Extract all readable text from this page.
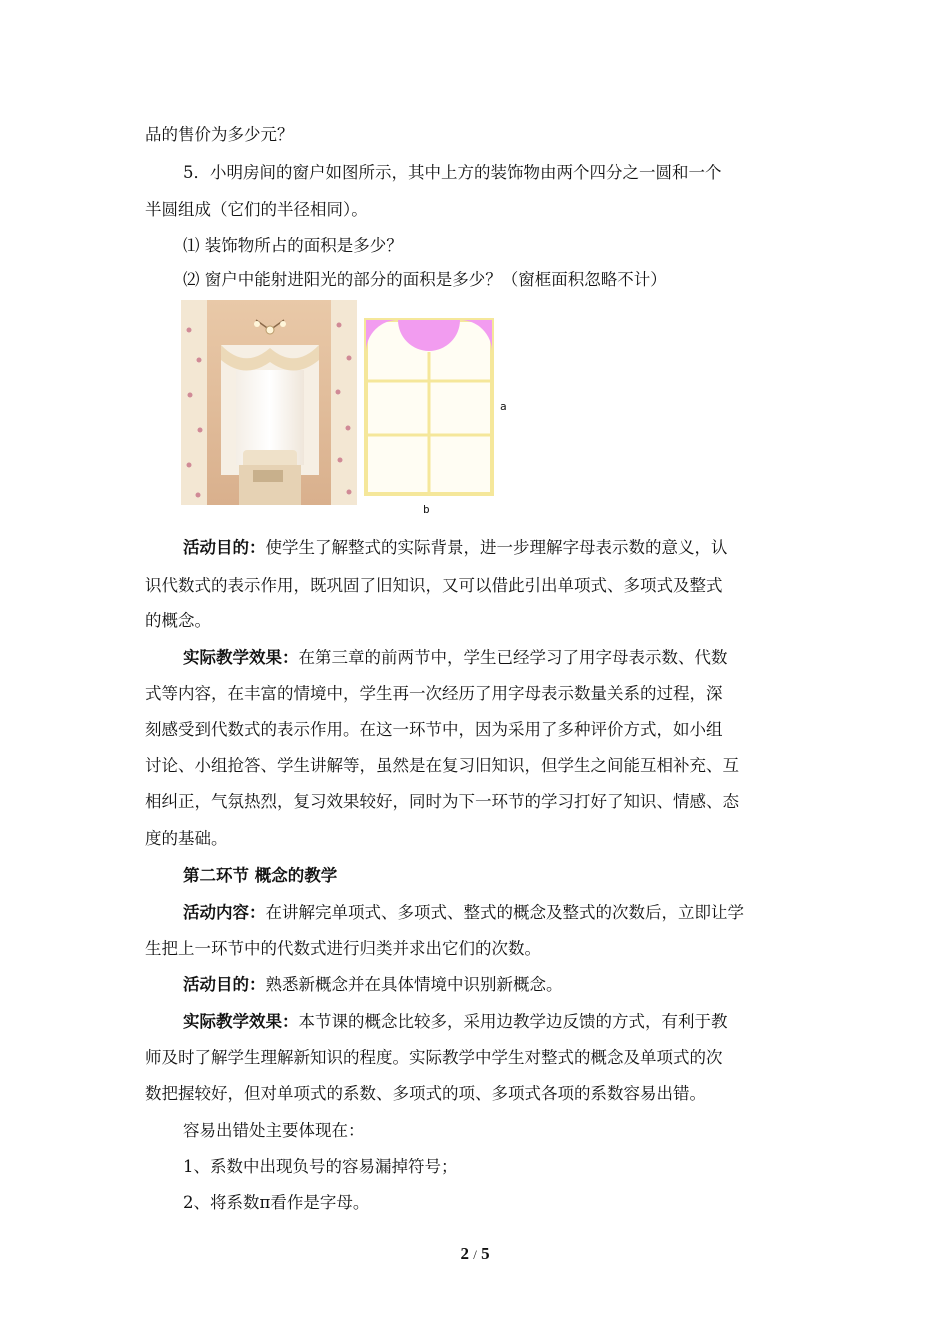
品的售价为多少元？
5．小明房间的窗户如图所示，其中上方的装饰物由两个四分之一圆和一个
半圆组成（它们的半径相同）。
⑴ 装饰物所占的面积是多少？
⑵ 窗户中能射进阳光的部分的面积是多少？（窗框面积忽略不计）
a
b
活动目的：使学生了解整式的实际背景，进一步理解字母表示数的意义，认
识代数式的表示作用，既巩固了旧知识，又可以借此引出单项式、多项式及整式
的概念。
实际教学效果：在第三章的前两节中，学生已经学习了用字母表示数、代数
式等内容，在丰富的情境中，学生再一次经历了用字母表示数量关系的过程，深
刻感受到代数式的表示作用。在这一环节中，因为采用了多种评价方式，如小组
讨论、小组抢答、学生讲解等，虽然是在复习旧知识，但学生之间能互相补充、互
相纠正，气氛热烈，复习效果较好，同时为下一环节的学习打好了知识、情感、态
度的基础。
第二环节 概念的教学
活动内容：在讲解完单项式、多项式、整式的概念及整式的次数后，立即让学
生把上一环节中的代数式进行归类并求出它们的次数。
活动目的：熟悉新概念并在具体情境中识别新概念。
实际教学效果：本节课的概念比较多，采用边教学边反馈的方式，有利于教
师及时了解学生理解新知识的程度。实际教学中学生对整式的概念及单项式的次
数把握较好，但对单项式的系数、多项式的项、多项式各项的系数容易出错。
容易出错处主要体现在：
1、系数中出现负号的容易漏掉符号；
2、将系数π看作是字母。
2 / 5
